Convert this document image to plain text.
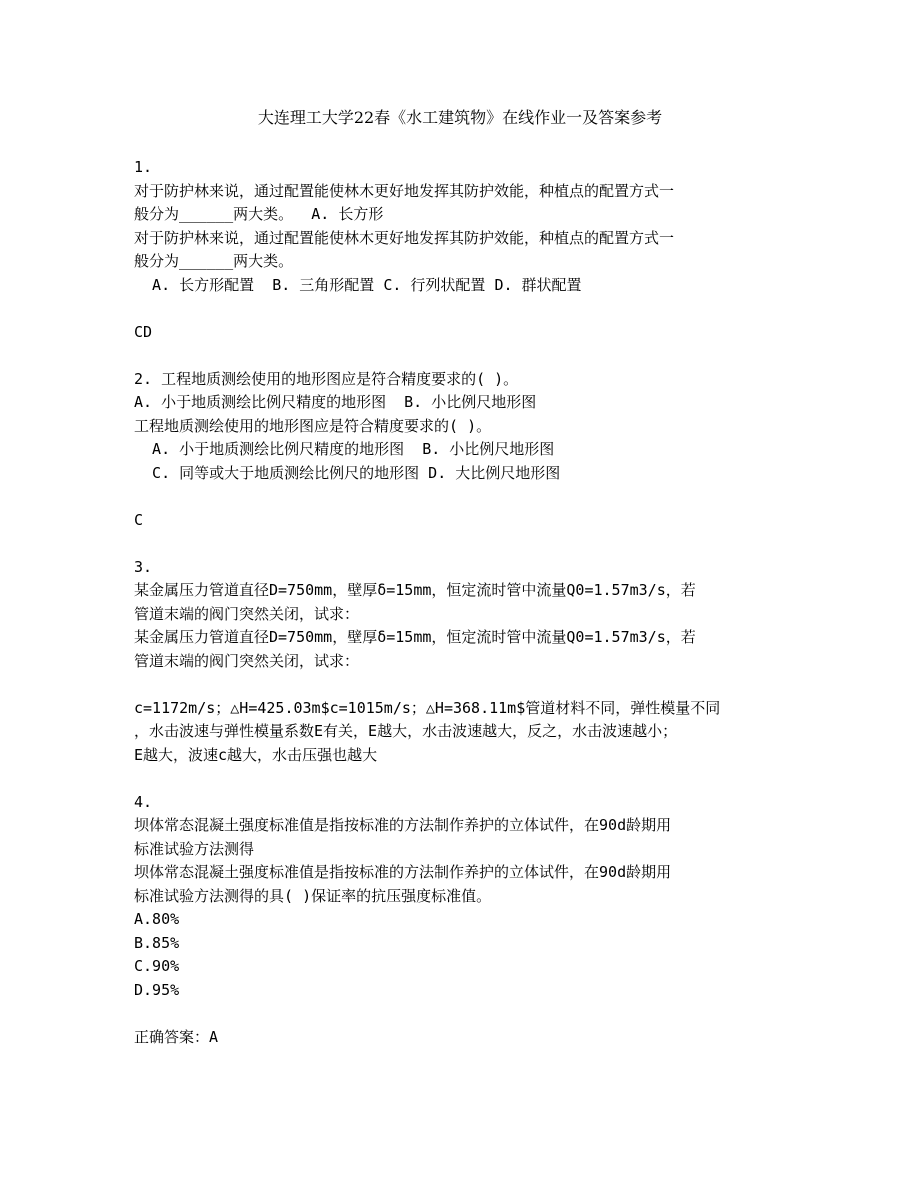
大连理工大学22春《水工建筑物》在线作业一及答案参考
1.
对于防护林来说，通过配置能使林木更好地发挥其防护效能，种植点的配置方式一
般分为______两大类。  A. 长方形
对于防护林来说，通过配置能使林木更好地发挥其防护效能，种植点的配置方式一
般分为______两大类。
A. 长方形配置  B. 三角形配置 C. 行列状配置 D. 群状配置
CD
2. 工程地质测绘使用的地形图应是符合精度要求的( )。
A. 小于地质测绘比例尺精度的地形图  B. 小比例尺地形图
工程地质测绘使用的地形图应是符合精度要求的( )。
A. 小于地质测绘比例尺精度的地形图  B. 小比例尺地形图
C. 同等或大于地质测绘比例尺的地形图 D. 大比例尺地形图
C
3.
某金属压力管道直径D=750mm，壁厚δ=15mm，恒定流时管中流量Q0=1.57m3/s，若
管道末端的阀门突然关闭，试求：
某金属压力管道直径D=750mm，壁厚δ=15mm，恒定流时管中流量Q0=1.57m3/s，若
管道末端的阀门突然关闭，试求：
c=1172m/s；△H=425.03m$c=1015m/s；△H=368.11m$管道材料不同，弹性模量不同
，水击波速与弹性模量系数E有关，E越大，水击波速越大，反之，水击波速越小；
E越大，波速c越大，水击压强也越大
4.
坝体常态混凝土强度标准值是指按标准的方法制作养护的立体试件，在90d龄期用
标准试验方法测得
坝体常态混凝土强度标准值是指按标准的方法制作养护的立体试件，在90d龄期用
标准试验方法测得的具( )保证率的抗压强度标准值。
A.80%
B.85%
C.90%
D.95%
正确答案：A
